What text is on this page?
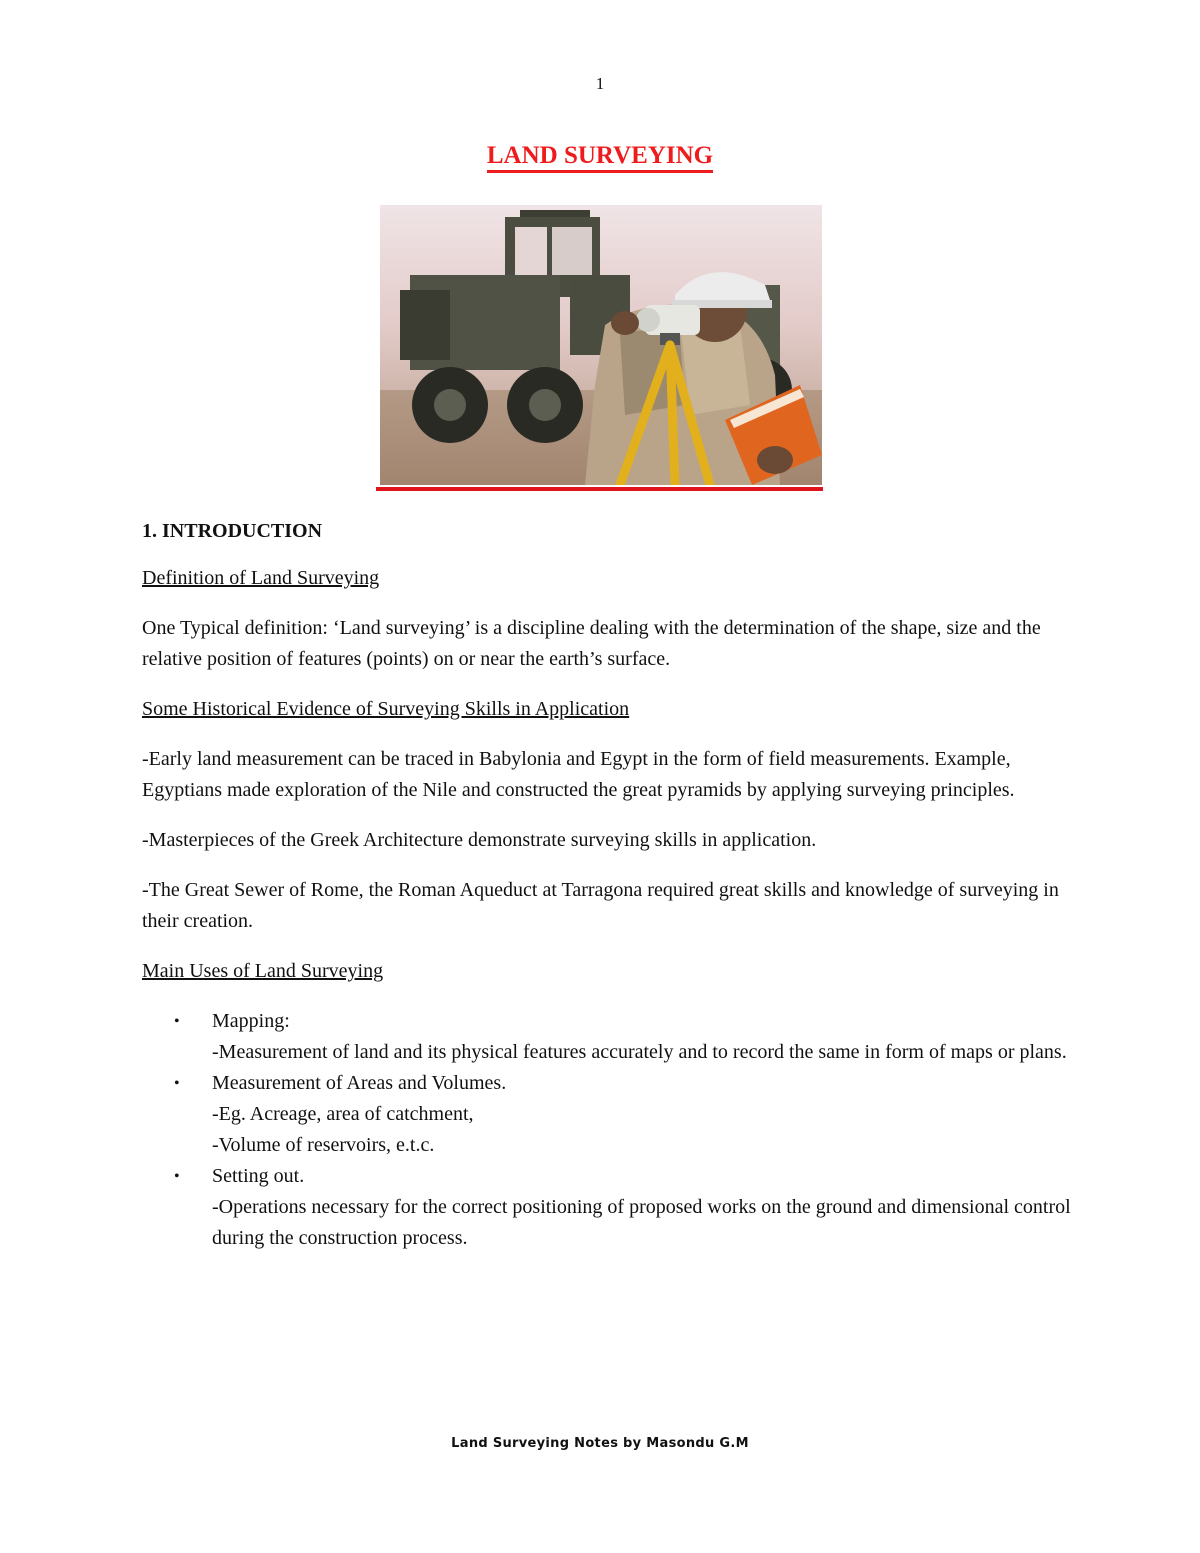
1
LAND SURVEYING
1. INTRODUCTION
Definition of Land Surveying
One Typical definition: ‘Land surveying’ is a discipline dealing with the determination of the shape, size and the relative position of features (points) on or near the earth’s surface.
Some Historical Evidence of Surveying Skills in Application
-Early land measurement can be traced in Babylonia and Egypt in the form of field measurements. Example, Egyptians made exploration of the Nile and constructed the great pyramids by applying surveying principles.
-Masterpieces of the Greek Architecture demonstrate surveying skills in application.
-The Great Sewer of Rome, the Roman Aqueduct at Tarragona required great skills and knowledge of surveying in their creation.
Main Uses of Land Surveying
• Mapping:
-Measurement of land and its physical features accurately and to record the same in form of maps or plans.
• Measurement of Areas and Volumes.
-Eg. Acreage, area of catchment,
-Volume of reservoirs, e.t.c.
• Setting out.
-Operations necessary for the correct positioning of proposed works on the ground and dimensional control during the construction process.
Land Surveying Notes by Masondu G.M
